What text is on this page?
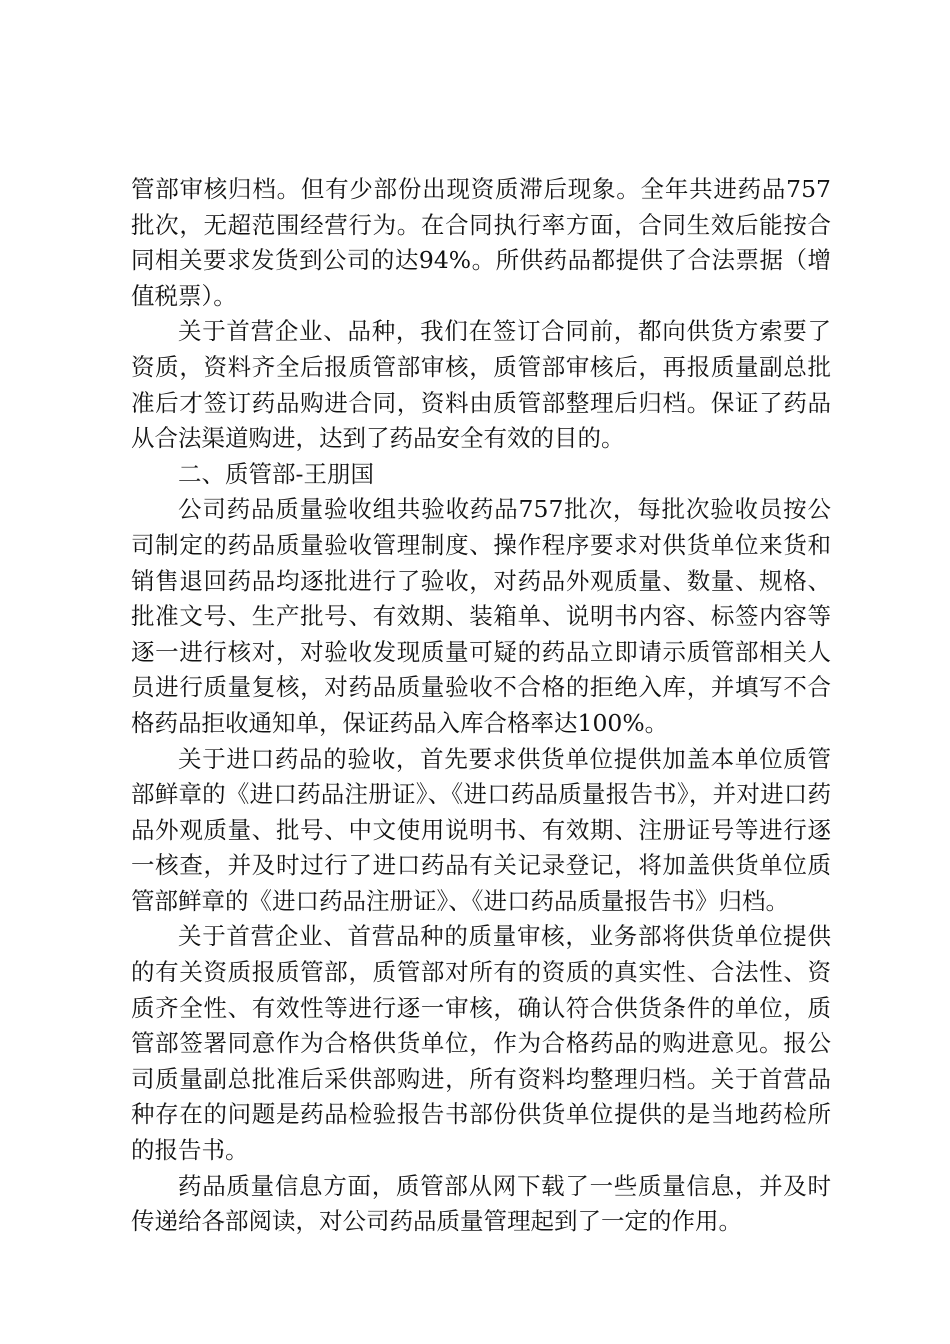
管部审核归档。但有少部份出现资质滞后现象。全年共进药品757批次，无超范围经营行为。在合同执行率方面，合同生效后能按合同相关要求发货到公司的达94%。所供药品都提供了合法票据（增值税票）。

关于首营企业、品种，我们在签订合同前，都向供货方索要了资质，资料齐全后报质管部审核，质管部审核后，再报质量副总批准后才签订药品购进合同，资料由质管部整理后归档。保证了药品从合法渠道购进，达到了药品安全有效的目的。

二、质管部-王朋国

公司药品质量验收组共验收药品757批次，每批次验收员按公司制定的药品质量验收管理制度、操作程序要求对供货单位来货和销售退回药品均逐批进行了验收，对药品外观质量、数量、规格、批准文号、生产批号、有效期、装箱单、说明书内容、标签内容等逐一进行核对，对验收发现质量可疑的药品立即请示质管部相关人员进行质量复核，对药品质量验收不合格的拒绝入库，并填写不合格药品拒收通知单，保证药品入库合格率达100%。

关于进口药品的验收，首先要求供货单位提供加盖本单位质管部鲜章的《进口药品注册证》、《进口药品质量报告书》，并对进口药品外观质量、批号、中文使用说明书、有效期、注册证号等进行逐一核查，并及时过行了进口药品有关记录登记，将加盖供货单位质管部鲜章的《进口药品注册证》、《进口药品质量报告书》归档。

关于首营企业、首营品种的质量审核，业务部将供货单位提供的有关资质报质管部，质管部对所有的资质的真实性、合法性、资质齐全性、有效性等进行逐一审核，确认符合供货条件的单位，质管部签署同意作为合格供货单位，作为合格药品的购进意见。报公司质量副总批准后采供部购进，所有资料均整理归档。关于首营品种存在的问题是药品检验报告书部份供货单位提供的是当地药检所的报告书。

药品质量信息方面，质管部从网下载了一些质量信息，并及时传递给各部阅读，对公司药品质量管理起到了一定的作用。
